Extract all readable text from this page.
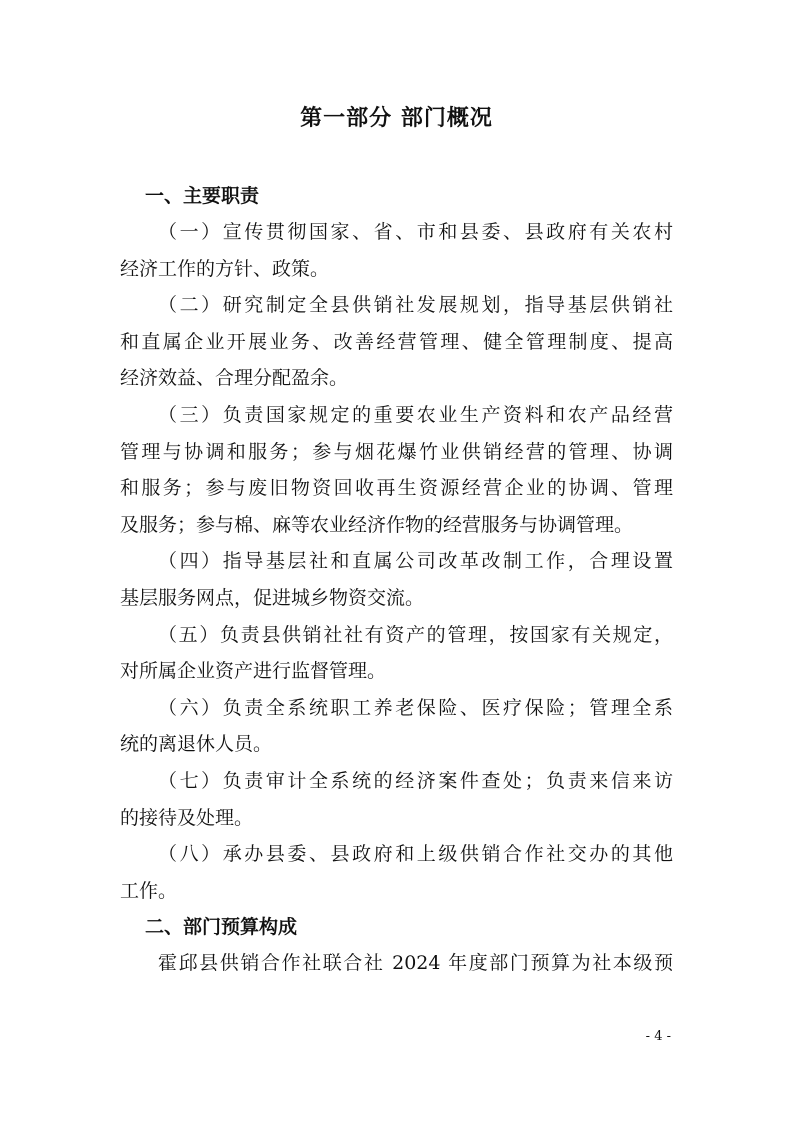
第一部分 部门概况
一、主要职责
（一）宣传贯彻国家、省、市和县委、县政府有关农村
经济工作的方针、政策。
（二）研究制定全县供销社发展规划，指导基层供销社
和直属企业开展业务、改善经营管理、健全管理制度、提高
经济效益、合理分配盈余。
（三）负责国家规定的重要农业生产资料和农产品经营
管理与协调和服务；参与烟花爆竹业供销经营的管理、协调
和服务；参与废旧物资回收再生资源经营企业的协调、管理
及服务；参与棉、麻等农业经济作物的经营服务与协调管理。
（四）指导基层社和直属公司改革改制工作，合理设置
基层服务网点，促进城乡物资交流。
（五）负责县供销社社有资产的管理，按国家有关规定，
对所属企业资产进行监督管理。
（六）负责全系统职工养老保险、医疗保险；管理全系
统的离退休人员。
（七）负责审计全系统的经济案件查处；负责来信来访
的接待及处理。
（八）承办县委、县政府和上级供销合作社交办的其他
工作。
二、部门预算构成
霍邱县供销合作社联合社 2024 年度部门预算为社本级预
- 4 -
